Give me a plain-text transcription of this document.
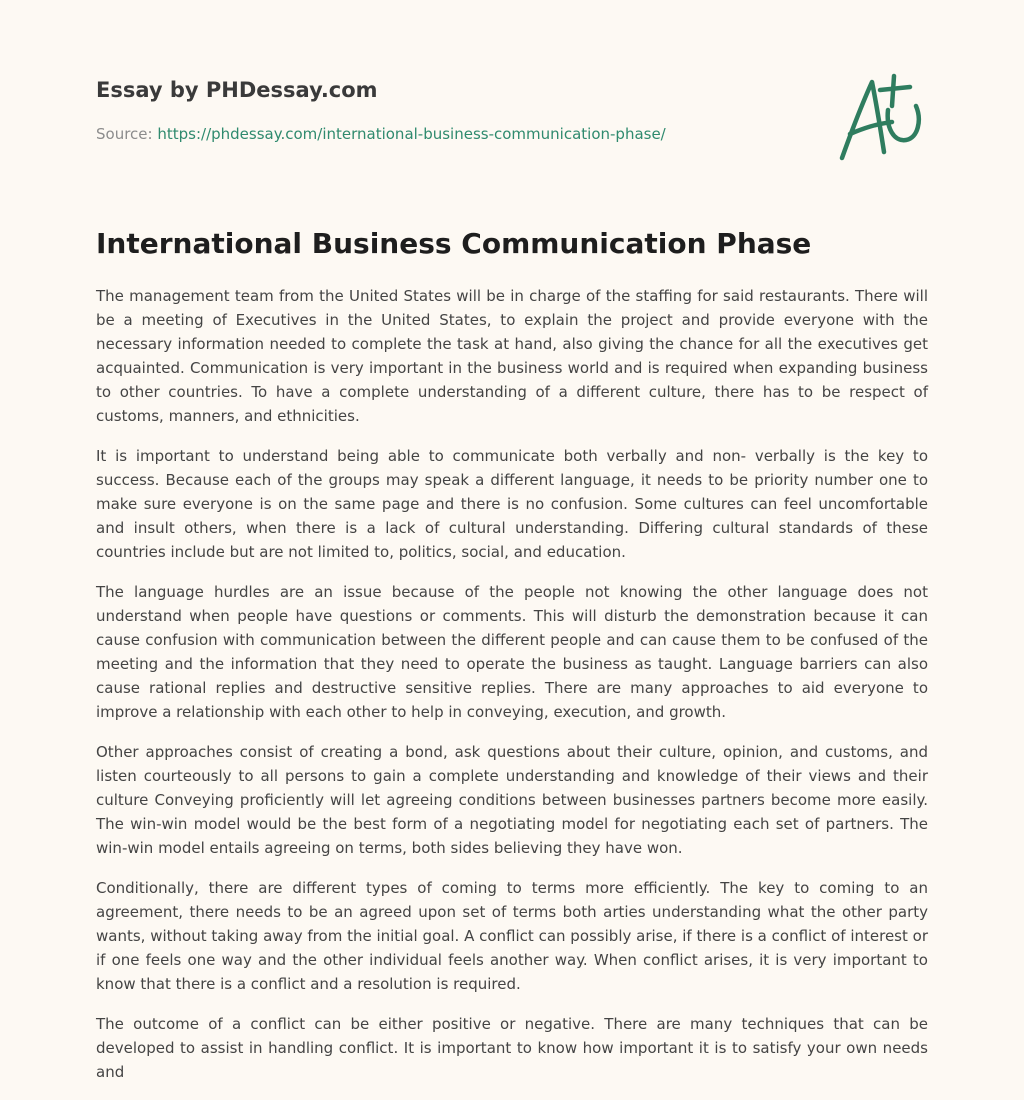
Essay by PHDessay.com

Source: https://phdessay.com/international-business-communication-phase/
International Business Communication Phase

The management team from the United States will be in charge of the staffing for said restaurants. There will be a meeting of Executives in the United States, to explain the project and provide everyone with the necessary information needed to complete the task at hand, also giving the chance for all the executives get acquainted. Communication is very important in the business world and is required when expanding business to other countries. To have a complete understanding of a different culture, there has to be respect of customs, manners, and ethnicities.

It is important to understand being able to communicate both verbally and non- verbally is the key to success. Because each of the groups may speak a different language, it needs to be priority number one to make sure everyone is on the same page and there is no confusion. Some cultures can feel uncomfortable and insult others, when there is a lack of cultural understanding. Differing cultural standards of these countries include but are not limited to, politics, social, and education.

The language hurdles are an issue because of the people not knowing the other language does not understand when people have questions or comments. This will disturb the demonstration because it can cause confusion with communication between the different people and can cause them to be confused of the meeting and the information that they need to operate the business as taught. Language barriers can also cause rational replies and destructive sensitive replies. There are many approaches to aid everyone to improve a relationship with each other to help in conveying, execution, and growth.

Other approaches consist of creating a bond, ask questions about their culture, opinion, and customs, and listen courteously to all persons to gain a complete understanding and knowledge of their views and their culture Conveying proficiently will let agreeing conditions between businesses partners become more easily. The win-win model would be the best form of a negotiating model for negotiating each set of partners. The win-win model entails agreeing on terms, both sides believing they have won.

Conditionally, there are different types of coming to terms more efficiently. The key to coming to an agreement, there needs to be an agreed upon set of terms both arties understanding what the other party wants, without taking away from the initial goal. A conflict can possibly arise, if there is a conflict of interest or if one feels one way and the other individual feels another way. When conflict arises, it is very important to know that there is a conflict and a resolution is required.

The outcome of a conflict can be either positive or negative. There are many techniques that can be developed to assist in handling conflict. It is important to know how important it is to satisfy your own needs and
